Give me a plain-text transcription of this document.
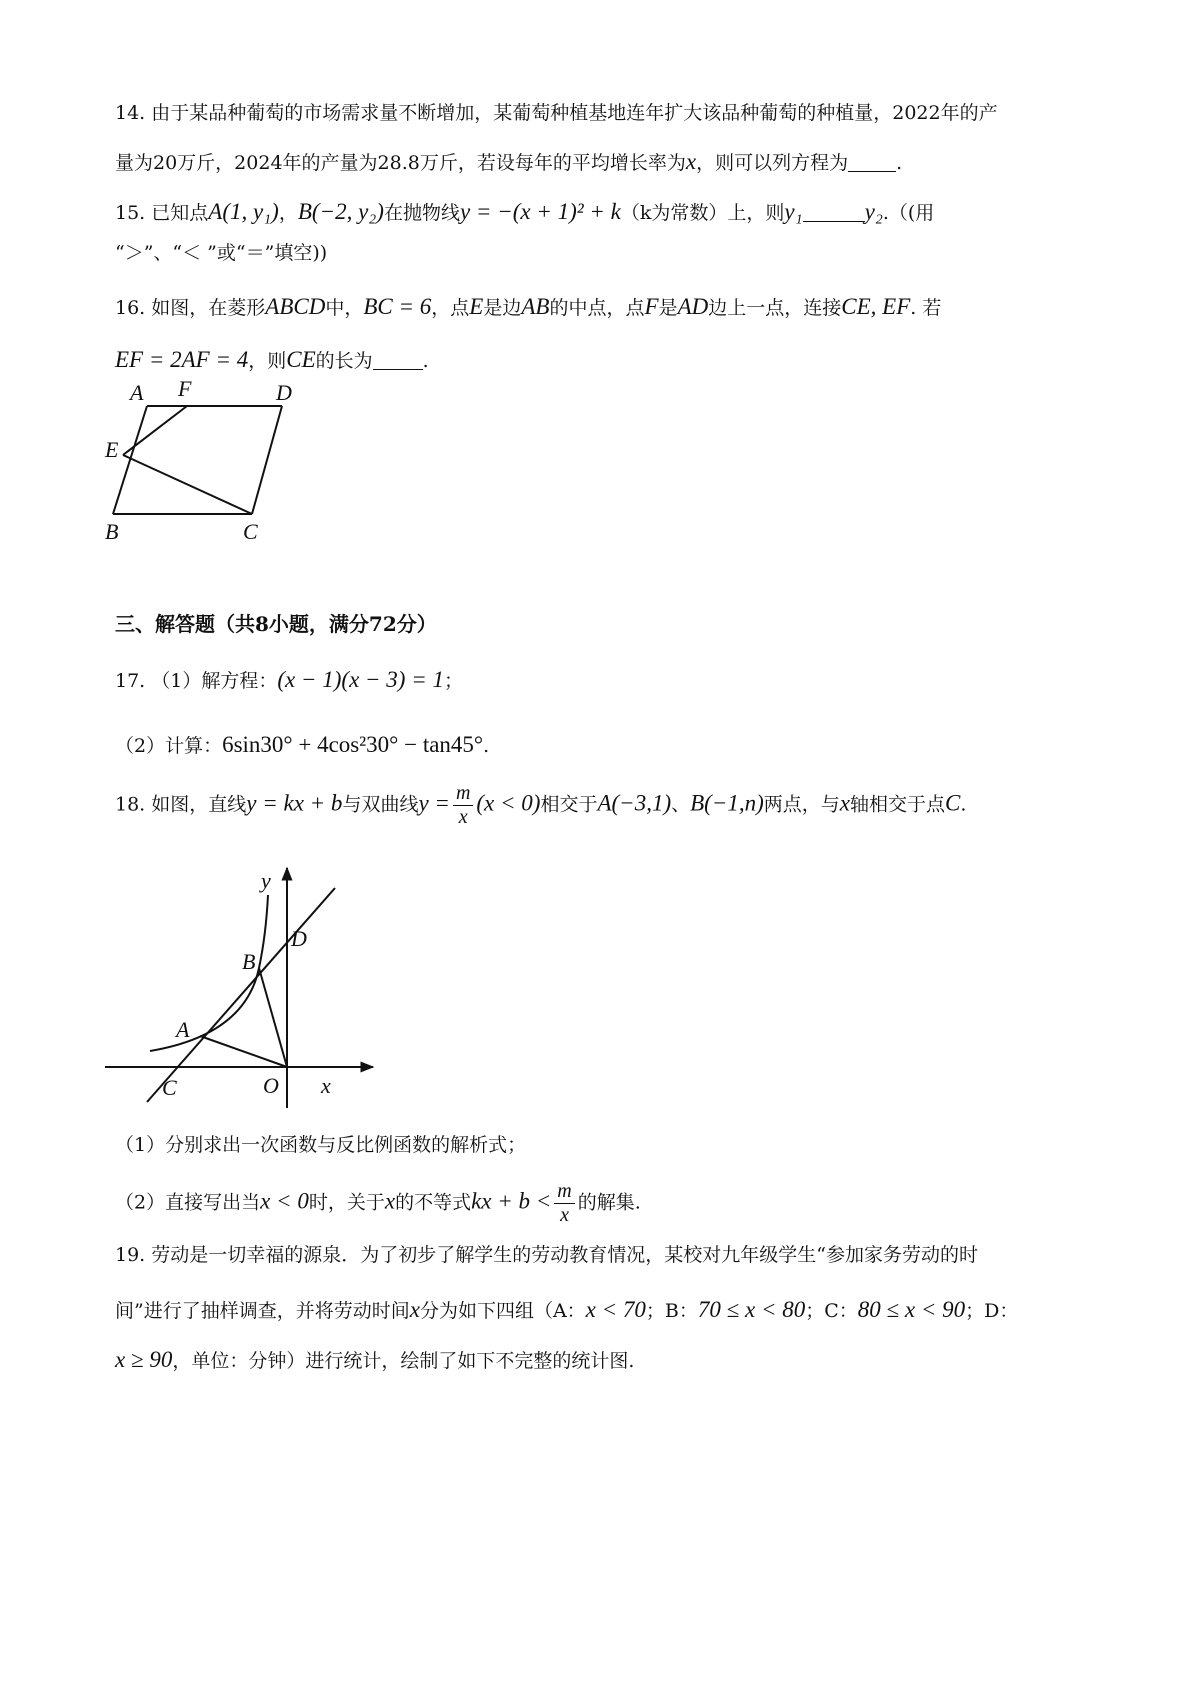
14. 由于某品种葡萄的市场需求量不断增加，某葡萄种植基地连年扩大该品种葡萄的种植量，2022年的产
量为20万斤，2024年的产量为28.8万斤，若设每年的平均增长率为x，则可以列方程为	.
15. 已知点A(1, y₁)，B(−2, y₂)在抛物线y = −(x + 1)² + k（k为常数）上，则y₁	y₂.（(用
“＞”、“＜ ”或“＝”填空))
16. 如图，在菱形ABCD中，BC = 6，点E是边AB的中点，点F是AD边上一点，连接CE, EF. 若
EF = 2AF = 4，则CE的长为	.
A F	D
E
B	C
三、解答题（共8小题，满分72分）
17. （1）解方程：(x − 1)(x − 3) = 1；
（2）计算：6sin30° + 4cos²30° − tan45°.
18. 如图，直线y = kx + b与双曲线$y = \frac{m}{x} (x < 0)$相交于A(−3,1)、B(−1,n)两点，与x轴相交于点C.
y
x
O
C
A
B
D
（1）分别求出一次函数与反比例函数的解析式；
（2）直接写出当x < 0时，关于x的不等式kx + $b < \frac{m}{x}$ 的解集.
19. 劳动是一切幸福的源泉．为了初步了解学生的劳动教育情况，某校对九年级学生“参加家务劳动的时
间”进行了抽样调查，并将劳动时间x分为如下四组（A：x < 70；B：70 ≤ x < 80；C：80 ≤ x < 90；D：
x ≥ 90，单位：分钟）进行统计，绘制了如下不完整的统计图.
